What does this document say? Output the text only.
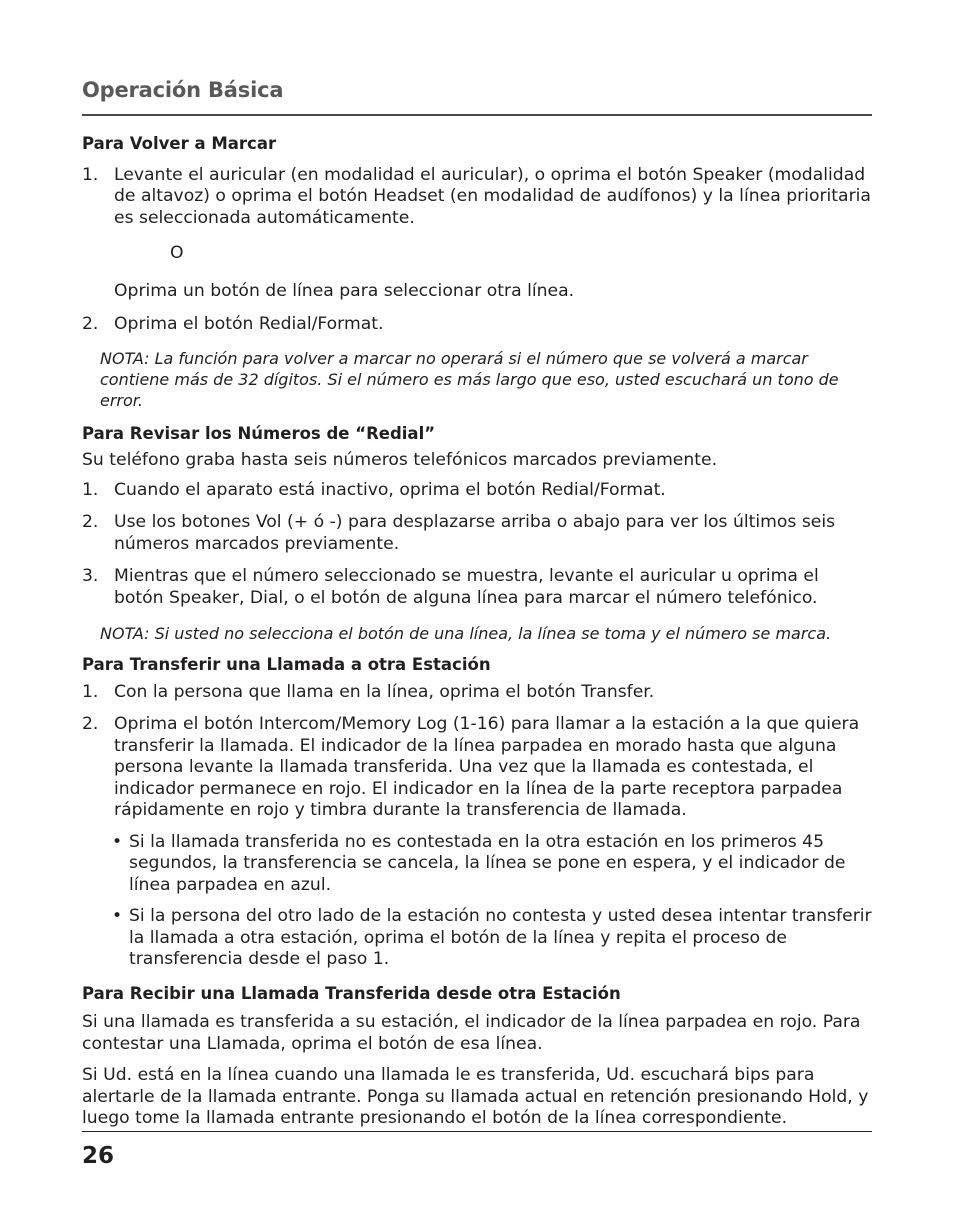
Operación Básica

Para Volver a Marcar

1. Levante el auricular (en modalidad el auricular), o oprima el botón Speaker (modalidad de altavoz) o oprima el botón Headset (en modalidad de audífonos) y la línea prioritaria es seleccionada automáticamente.

O

Oprima un botón de línea para seleccionar otra línea.

2. Oprima el botón Redial/Format.

NOTA: La función para volver a marcar no operará si el número que se volverá a marcar contiene más de 32 dígitos. Si el número es más largo que eso, usted escuchará un tono de error.

Para Revisar los Números de “Redial”

Su teléfono graba hasta seis números telefónicos marcados previamente.

1. Cuando el aparato está inactivo, oprima el botón Redial/Format.
2. Use los botones Vol (+ ó -) para desplazarse arriba o abajo para ver los últimos seis números marcados previamente.
3. Mientras que el número seleccionado se muestra, levante el auricular u oprima el botón Speaker, Dial, o el botón de alguna línea para marcar el número telefónico.

NOTA: Si usted no selecciona el botón de una línea, la línea se toma y el número se marca.

Para Transferir una Llamada a otra Estación

1. Con la persona que llama en la línea, oprima el botón Transfer.
2. Oprima el botón Intercom/Memory Log (1-16) para llamar a la estación a la que quiera transferir la llamada. El indicador de la línea parpadea en morado hasta que alguna persona levante la llamada transferida. Una vez que la llamada es contestada, el indicador permanece en rojo. El indicador en la línea de la parte receptora parpadea rápidamente en rojo y timbra durante la transferencia de llamada.
• Si la llamada transferida no es contestada en la otra estación en los primeros 45 segundos, la transferencia se cancela, la línea se pone en espera, y el indicador de línea parpadea en azul.
• Si la persona del otro lado de la estación no contesta y usted desea intentar transferir la llamada a otra estación, oprima el botón de la línea y repita el proceso de transferencia desde el paso 1.

Para Recibir una Llamada Transferida desde otra Estación

Si una llamada es transferida a su estación, el indicador de la línea parpadea en rojo. Para contestar una Llamada, oprima el botón de esa línea.

Si Ud. está en la línea cuando una llamada le es transferida, Ud. escuchará bips para alertarle de la llamada entrante. Ponga su llamada actual en retención presionando Hold, y luego tome la llamada entrante presionando el botón de la línea correspondiente.

26
